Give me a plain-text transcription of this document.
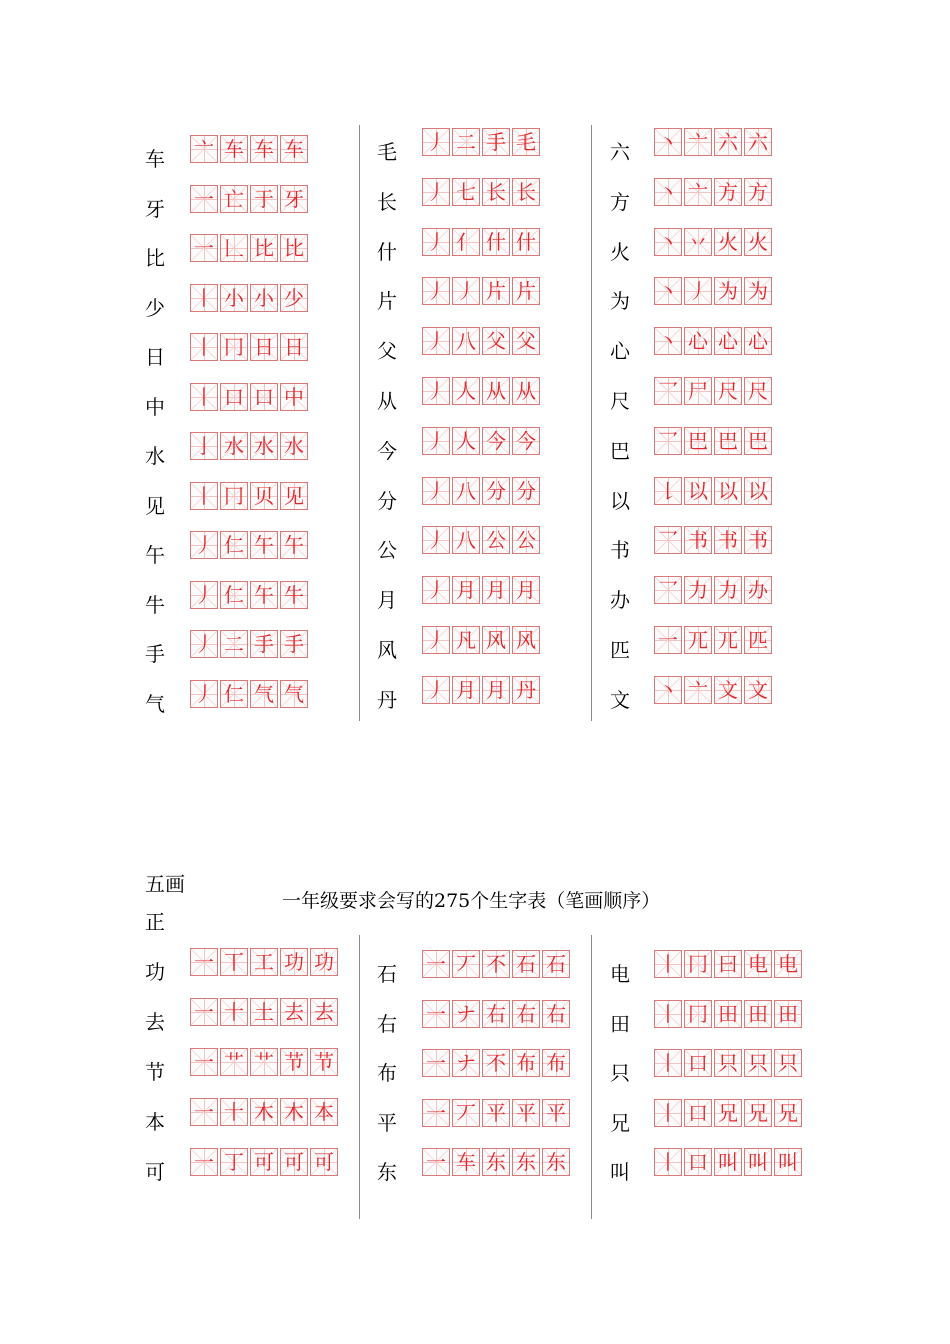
五画
一年级要求会写的275个生字表（笔画顺序）
车 亠 车 车 车
牙 一 亡 于 牙
比 一 𠃊 比 比
少 丨 小 小 少
日 丨 冂 日 日
中 丨 口 口 中
水 亅 水 水 水
见 丨 冂 贝 见
午 丿 仁 午 午
牛 丿 仁 午 牛
手 丿 二 手 手
气 丿 仁 气 气
毛 丿 二 手 毛
长 丿 七 长 长
什 丿 亻 什 什
片 丿 丿 片 片
父 丿 八 父 父
从 丿 人 从 从
今 丿 人 今 今
分 丿 八 分 分
公 丿 八 公 公
月 丿 月 月 月
风 丿 凡 风 风
丹 丿 月 月 丹
六 丶 亠 六 六
方 丶 亠 方 方
火 丶 丷 火 火
为 丶 丿 为 为
心 丶 心 心 心
尺 乛 尸 尺 尺
巴 乛 巴 巴 巴
以 𠄌 以 以 以
书 乛 书 书 书
办 乛 力 力 办
匹 一 兀 兀 匹
文 丶 亠 文 文
正
功 一 丅 工 功 功
去 一 十 土 去 去
节 一 艹 艹 节 节
本 一 十 木 木 本
可 一 丁 可 可 可
石 一 丆 不 石 石
右 一 ナ 右 右 右
布 一 ナ 不 布 布
平 一 丆 平 平 平
东 一 车 东 东 东
电 丨 冂 曰 电 电
田 丨 冂 田 田 田
只 丨 口 只 只 只
兄 丨 口 兄 兄 兄
叫 丨 口 叫 叫 叫
